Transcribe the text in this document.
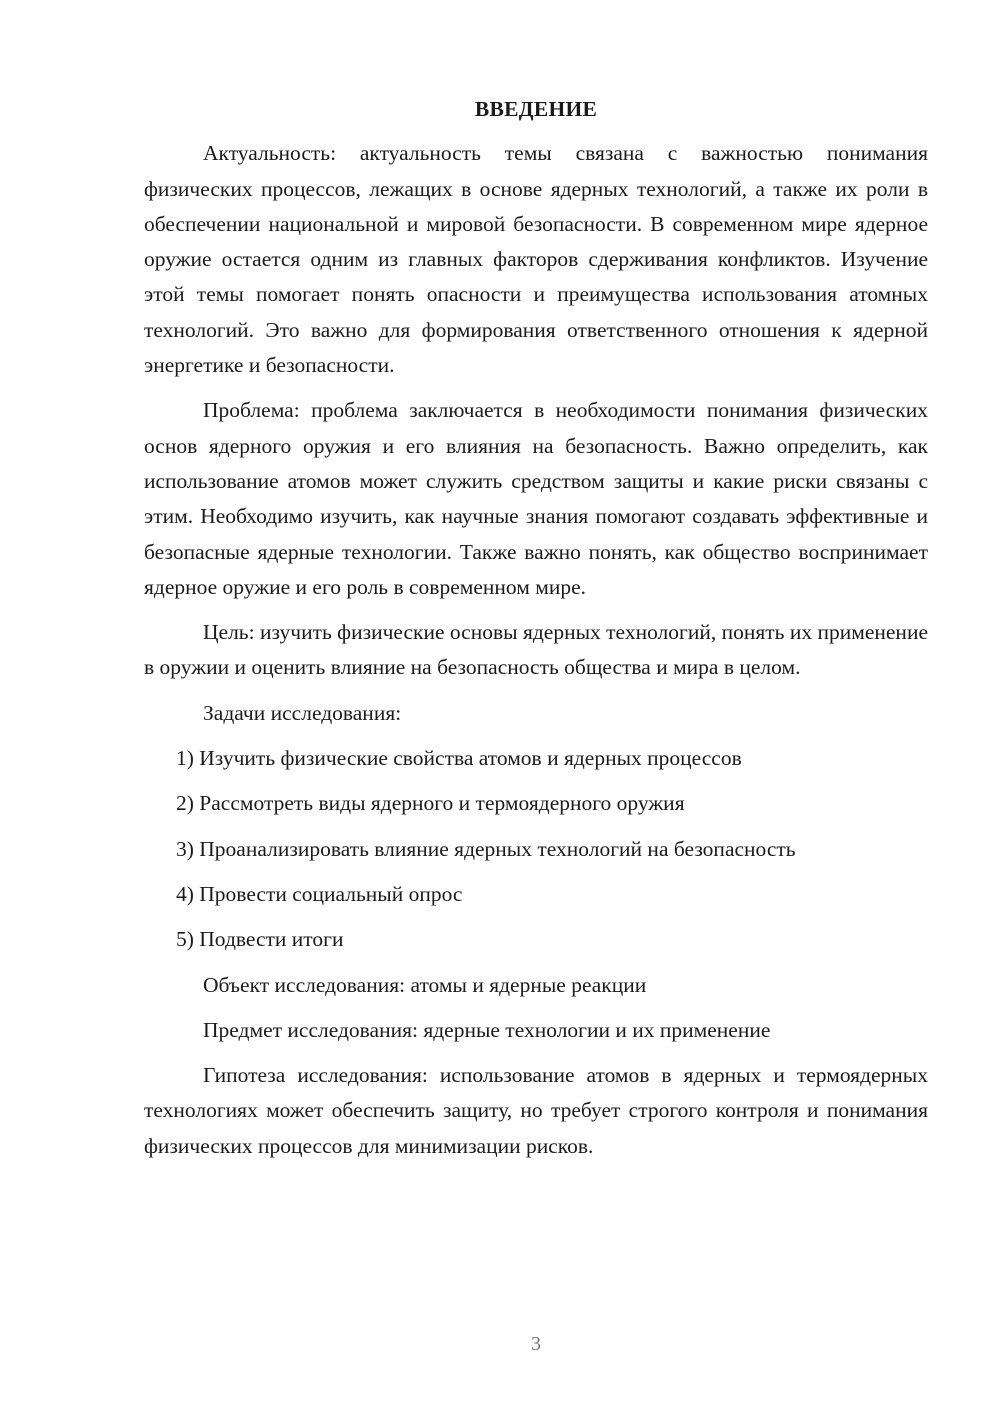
ВВЕДЕНИЕ

Актуальность: актуальность темы связана с важностью понимания физических процессов, лежащих в основе ядерных технологий, а также их роли в обеспечении национальной и мировой безопасности. В современном мире ядерное оружие остается одним из главных факторов сдерживания конфликтов. Изучение этой темы помогает понять опасности и преимущества использования атомных технологий. Это важно для формирования ответственного отношения к ядерной энергетике и безопасности.

Проблема: проблема заключается в необходимости понимания физических основ ядерного оружия и его влияния на безопасность. Важно определить, как использование атомов может служить средством защиты и какие риски связаны с этим. Необходимо изучить, как научные знания помогают создавать эффективные и безопасные ядерные технологии. Также важно понять, как общество воспринимает ядерное оружие и его роль в современном мире.

Цель: изучить физические основы ядерных технологий, понять их применение в оружии и оценить влияние на безопасность общества и мира в целом.

Задачи исследования:

1) Изучить физические свойства атомов и ядерных процессов
2) Рассмотреть виды ядерного и термоядерного оружия
3) Проанализировать влияние ядерных технологий на безопасность
4) Провести социальный опрос
5) Подвести итоги

Объект исследования: атомы и ядерные реакции

Предмет исследования: ядерные технологии и их применение

Гипотеза исследования: использование атомов в ядерных и термоядерных технологиях может обеспечить защиту, но требует строгого контроля и понимания физических процессов для минимизации рисков.

3
